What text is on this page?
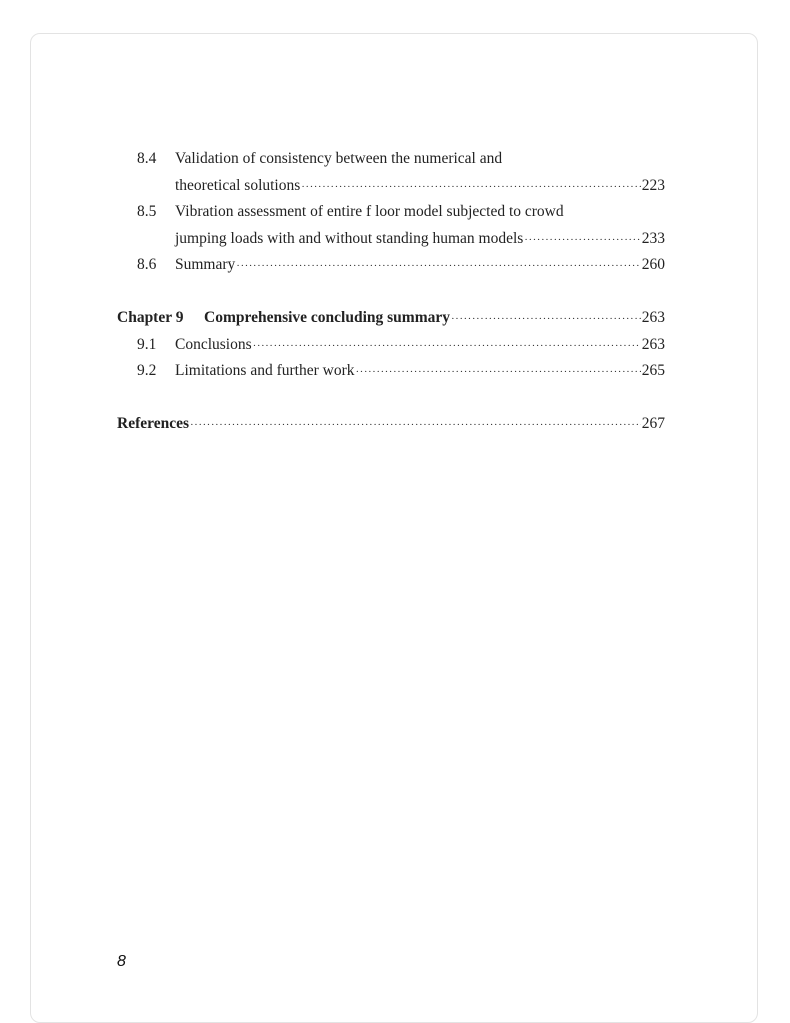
8.4	Validation of consistency between the numerical and
theoretical solutions ·····	223
8.5	Vibration assessment of entire f loor model subjected to crowd
jumping loads with and without standing human models ·····	233
8.6	Summary ·····	260
Chapter 9	Comprehensive concluding summary ·····	263
9.1	Conclusions ·····	263
9.2	Limitations and further work ·····	265
References ·····	267
8
